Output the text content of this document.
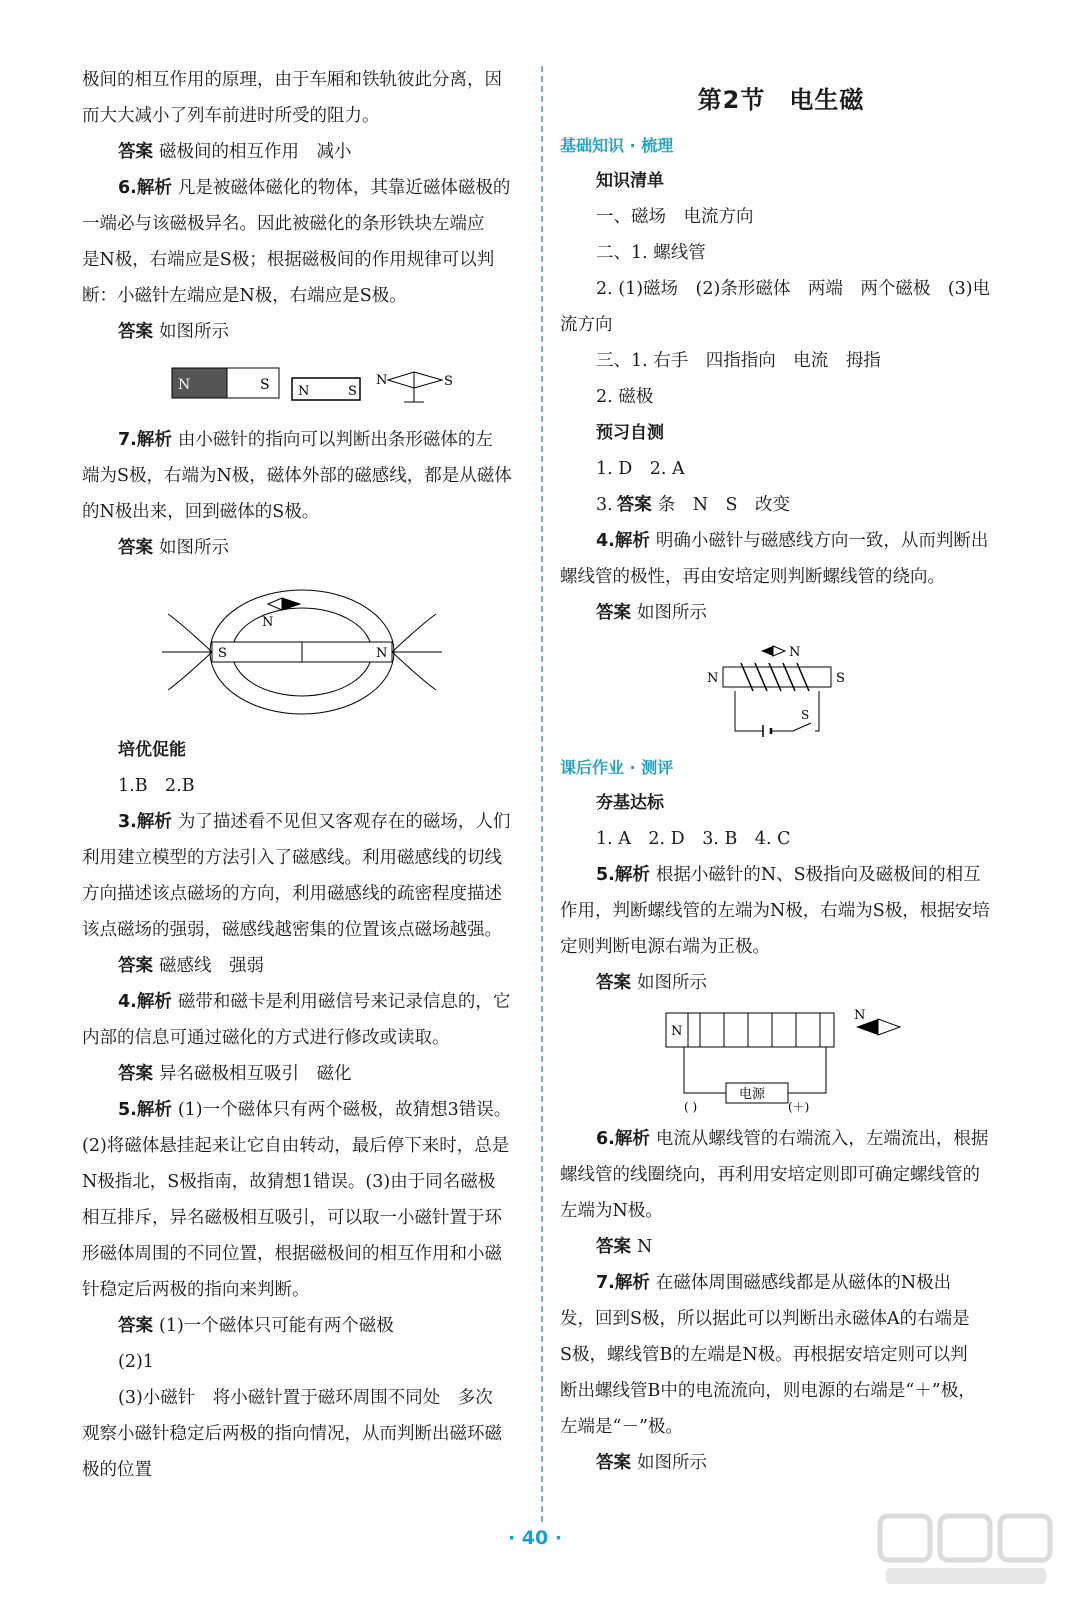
极间的相互作用的原理，由于车厢和铁轨彼此分离，因

而大大减小了列车前进时所受的阻力。

答案 磁极间的相互作用　减小

6.解析 凡是被磁体磁化的物体，其靠近磁体磁极的

一端必与该磁极异名。因此被磁化的条形铁块左端应

是N极，右端应是S极；根据磁极间的作用规律可以判

断：小磁针左端应是N极，右端应是S极。

答案 如图所示

N	S N	S
N	S

7.解析 由小磁针的指向可以判断出条形磁体的左

端为S极，右端为N极，磁体外部的磁感线，都是从磁体

的N极出来，回到磁体的S极。

答案 如图所示

S	N
N

培优促能

1.B　2.B

3.解析 为了描述看不见但又客观存在的磁场，人们

利用建立模型的方法引入了磁感线。利用磁感线的切线

方向描述该点磁场的方向，利用磁感线的疏密程度描述

该点磁场的强弱，磁感线越密集的位置该点磁场越强。

答案 磁感线　强弱

4.解析 磁带和磁卡是利用磁信号来记录信息的，它

内部的信息可通过磁化的方式进行修改或读取。

答案 异名磁极相互吸引　磁化

5.解析 (1)一个磁体只有两个磁极，故猜想3错误。

(2)将磁体悬挂起来让它自由转动，最后停下来时，总是

N极指北，S极指南，故猜想1错误。(3)由于同名磁极

相互排斥，异名磁极相互吸引，可以取一小磁针置于环

形磁体周围的不同位置，根据磁极间的相互作用和小磁

针稳定后两极的指向来判断。

答案 (1)一个磁体只可能有两个磁极

(2)1

(3)小磁针　将小磁针置于磁环周围不同处　多次

观察小磁针稳定后两极的指向情况，从而判断出磁环磁

极的位置

第2节 电生磁

基础知识 · 梳理

知识清单

一、磁场　电流方向

二、1. 螺线管

2. (1)磁场　(2)条形磁体　两端　两个磁极　(3)电

流方向

三、1. 右手　四指指向　电流　拇指

2. 磁极

预习自测

1. D　2. A

3. 答案 条　N　S　改变

4.解析 明确小磁针与磁感线方向一致，从而判断出

螺线管的极性，再由安培定则判断螺线管的绕向。

答案 如图所示

N
N	S
S

课后作业 · 测评

夯基达标

1. A　2. D　3. B　4. C

5.解析 根据小磁针的N、S极指向及磁极间的相互

作用，判断螺线管的左端为N极，右端为S极，根据安培

定则判断电源右端为正极。

答案 如图所示

N
N
电源
( )	(＋)

6.解析 电流从螺线管的右端流入，左端流出，根据

螺线管的线圈绕向，再利用安培定则即可确定螺线管的

左端为N极。

答案 N

7.解析 在磁体周围磁感线都是从磁体的N极出

发，回到S极，所以据此可以判断出永磁体A的右端是

S极，螺线管B的左端是N极。再根据安培定则可以判

断出螺线管B中的电流流向，则电源的右端是“＋”极，

左端是“－”极。

答案 如图所示

· 40 ·
